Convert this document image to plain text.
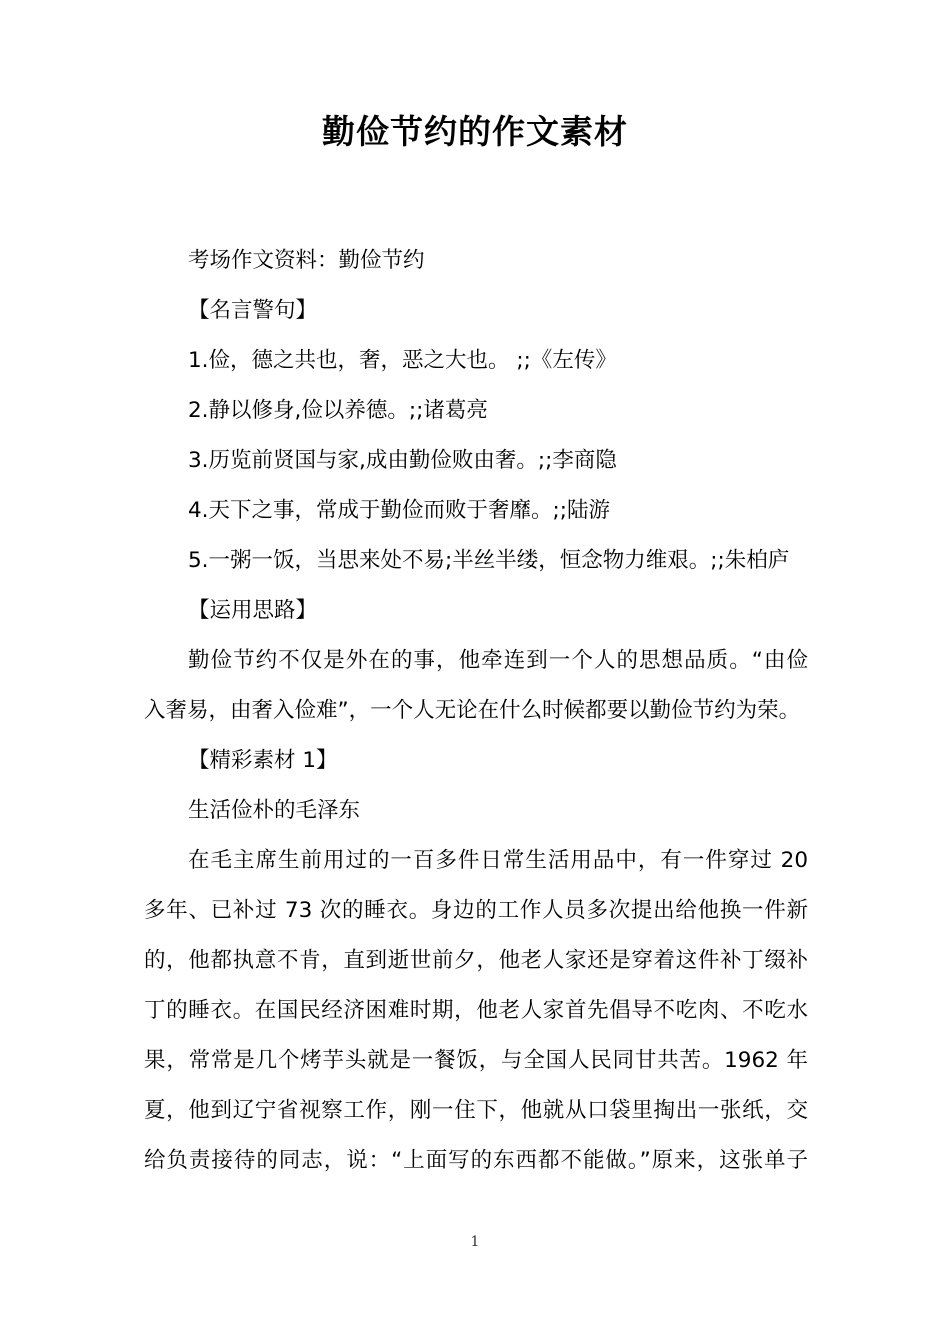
勤俭节约的作文素材
考场作文资料：勤俭节约
【名言警句】
1.俭，德之共也，奢，恶之大也。 ;;《左传》
2.静以修身,俭以养德。;;诸葛亮
3.历览前贤国与家,成由勤俭败由奢。;;李商隐
4.天下之事，常成于勤俭而败于奢靡。;;陆游
5.一粥一饭，当思来处不易;半丝半缕，恒念物力维艰。;;朱柏庐
【运用思路】
勤俭节约不仅是外在的事，他牵连到一个人的思想品质。“由俭
入奢易，由奢入俭难”，一个人无论在什么时候都要以勤俭节约为荣。
【精彩素材 1】
生活俭朴的毛泽东
在毛主席生前用过的一百多件日常生活用品中，有一件穿过 20
多年、已补过 73 次的睡衣。身边的工作人员多次提出给他换一件新
的，他都执意不肯，直到逝世前夕，他老人家还是穿着这件补丁缀补
丁的睡衣。在国民经济困难时期，他老人家首先倡导不吃肉、不吃水
果，常常是几个烤芋头就是一餐饭，与全国人民同甘共苦。1962 年
夏，他到辽宁省视察工作，刚一住下，他就从口袋里掏出一张纸，交
给负责接待的同志，说：“上面写的东西都不能做。”原来，这张单子
1
